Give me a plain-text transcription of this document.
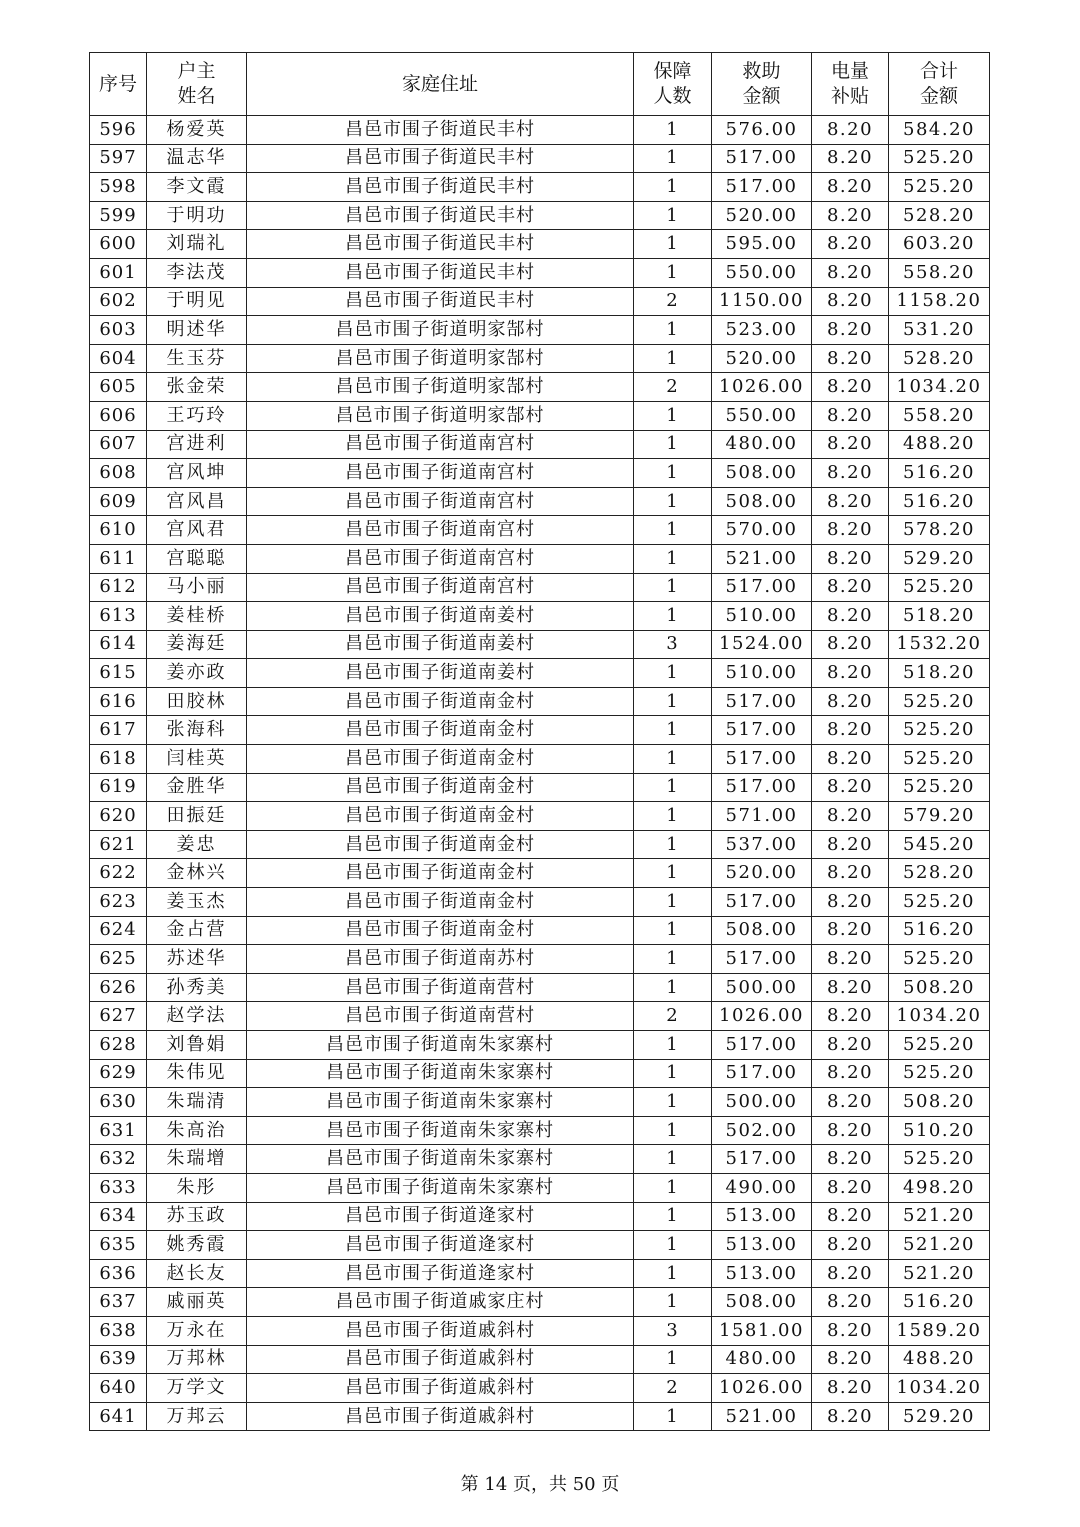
序号	户主姓名	家庭住址	保障人数	救助金额	电量补贴	合计金额
596	杨爱英	昌邑市围子街道民丰村	1	576.00	8.20	584.20
597	温志华	昌邑市围子街道民丰村	1	517.00	8.20	525.20
598	李文霞	昌邑市围子街道民丰村	1	517.00	8.20	525.20
599	于明功	昌邑市围子街道民丰村	1	520.00	8.20	528.20
600	刘瑞礼	昌邑市围子街道民丰村	1	595.00	8.20	603.20
601	李法茂	昌邑市围子街道民丰村	1	550.00	8.20	558.20
602	于明见	昌邑市围子街道民丰村	2	1150.00	8.20	1158.20
603	明述华	昌邑市围子街道明家郜村	1	523.00	8.20	531.20
604	生玉芬	昌邑市围子街道明家郜村	1	520.00	8.20	528.20
605	张金荣	昌邑市围子街道明家郜村	2	1026.00	8.20	1034.20
606	王巧玲	昌邑市围子街道明家郜村	1	550.00	8.20	558.20
607	宫进利	昌邑市围子街道南宫村	1	480.00	8.20	488.20
608	宫风坤	昌邑市围子街道南宫村	1	508.00	8.20	516.20
609	宫风昌	昌邑市围子街道南宫村	1	508.00	8.20	516.20
610	宫风君	昌邑市围子街道南宫村	1	570.00	8.20	578.20
611	宫聪聪	昌邑市围子街道南宫村	1	521.00	8.20	529.20
612	马小丽	昌邑市围子街道南宫村	1	517.00	8.20	525.20
613	姜桂桥	昌邑市围子街道南姜村	1	510.00	8.20	518.20
614	姜海廷	昌邑市围子街道南姜村	3	1524.00	8.20	1532.20
615	姜亦政	昌邑市围子街道南姜村	1	510.00	8.20	518.20
616	田胶林	昌邑市围子街道南金村	1	517.00	8.20	525.20
617	张海科	昌邑市围子街道南金村	1	517.00	8.20	525.20
618	闫桂英	昌邑市围子街道南金村	1	517.00	8.20	525.20
619	金胜华	昌邑市围子街道南金村	1	517.00	8.20	525.20
620	田振廷	昌邑市围子街道南金村	1	571.00	8.20	579.20
621	姜忠	昌邑市围子街道南金村	1	537.00	8.20	545.20
622	金林兴	昌邑市围子街道南金村	1	520.00	8.20	528.20
623	姜玉杰	昌邑市围子街道南金村	1	517.00	8.20	525.20
624	金占营	昌邑市围子街道南金村	1	508.00	8.20	516.20
625	苏述华	昌邑市围子街道南苏村	1	517.00	8.20	525.20
626	孙秀美	昌邑市围子街道南营村	1	500.00	8.20	508.20
627	赵学法	昌邑市围子街道南营村	2	1026.00	8.20	1034.20
628	刘鲁娟	昌邑市围子街道南朱家寨村	1	517.00	8.20	525.20
629	朱伟见	昌邑市围子街道南朱家寨村	1	517.00	8.20	525.20
630	朱瑞清	昌邑市围子街道南朱家寨村	1	500.00	8.20	508.20
631	朱高治	昌邑市围子街道南朱家寨村	1	502.00	8.20	510.20
632	朱瑞增	昌邑市围子街道南朱家寨村	1	517.00	8.20	525.20
633	朱彤	昌邑市围子街道南朱家寨村	1	490.00	8.20	498.20
634	苏玉政	昌邑市围子街道逄家村	1	513.00	8.20	521.20
635	姚秀霞	昌邑市围子街道逄家村	1	513.00	8.20	521.20
636	赵长友	昌邑市围子街道逄家村	1	513.00	8.20	521.20
637	戚丽英	昌邑市围子街道戚家庄村	1	508.00	8.20	516.20
638	万永在	昌邑市围子街道戚斜村	3	1581.00	8.20	1589.20
639	万邦林	昌邑市围子街道戚斜村	1	480.00	8.20	488.20
640	万学文	昌邑市围子街道戚斜村	2	1026.00	8.20	1034.20
641	万邦云	昌邑市围子街道戚斜村	1	521.00	8.20	529.20
第 14 页，共 50 页
